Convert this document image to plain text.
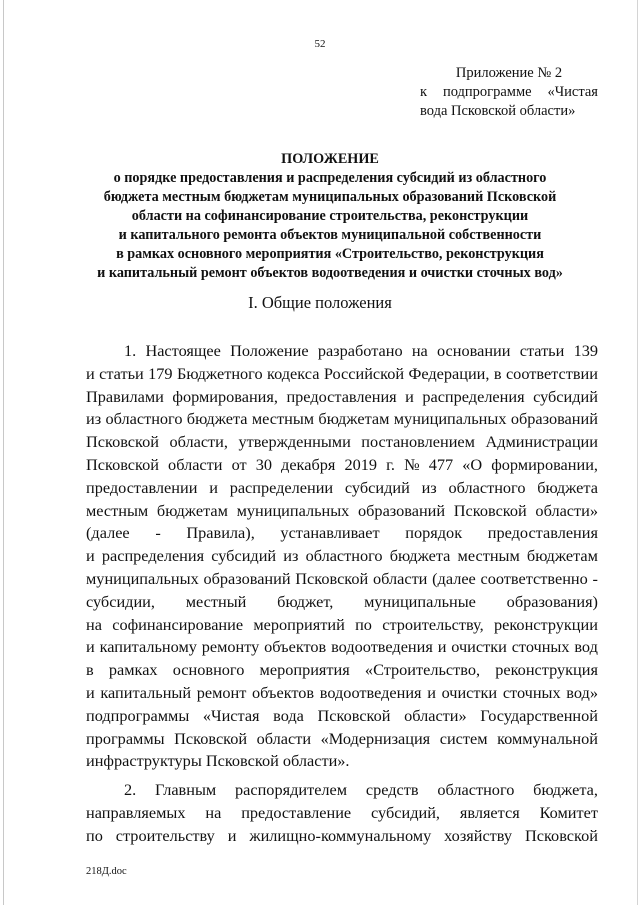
52
Приложение № 2
к подпрограмме «Чистая
вода Псковской области»
ПОЛОЖЕНИЕ
о порядке предоставления и распределения субсидий из областного
бюджета местным бюджетам муниципальных образований Псковской
области на софинансирование строительства, реконструкции
и капитального ремонта объектов муниципальной собственности
в рамках основного мероприятия «Строительство, реконструкция
и капитальный ремонт объектов водоотведения и очистки сточных вод»
I. Общие положения
1. Настоящее Положение разработано на основании статьи 139
и статьи 179 Бюджетного кодекса Российской Федерации, в соответствии
Правилами формирования, предоставления и распределения субсидий
из областного бюджета местным бюджетам муниципальных образований
Псковской области, утвержденными постановлением Администрации
Псковской области от 30 декабря 2019 г. № 477 «О формировании,
предоставлении и распределении субсидий из областного бюджета
местным бюджетам муниципальных образований Псковской области»
(далее - Правила), устанавливает порядок предоставления
и распределения субсидий из областного бюджета местным бюджетам
муниципальных образований Псковской области (далее соответственно -
субсидии, местный бюджет, муниципальные образования)
на софинансирование мероприятий по строительству, реконструкции
и капитальному ремонту объектов водоотведения и очистки сточных вод
в рамках основного мероприятия «Строительство, реконструкция
и капитальный ремонт объектов водоотведения и очистки сточных вод»
подпрограммы «Чистая вода Псковской области» Государственной
программы Псковской области «Модернизация систем коммунальной
инфраструктуры Псковской области».
2. Главным распорядителем средств областного бюджета,
направляемых на предоставление субсидий, является Комитет
по строительству и жилищно-коммунальному хозяйству Псковской
218Д.doc
